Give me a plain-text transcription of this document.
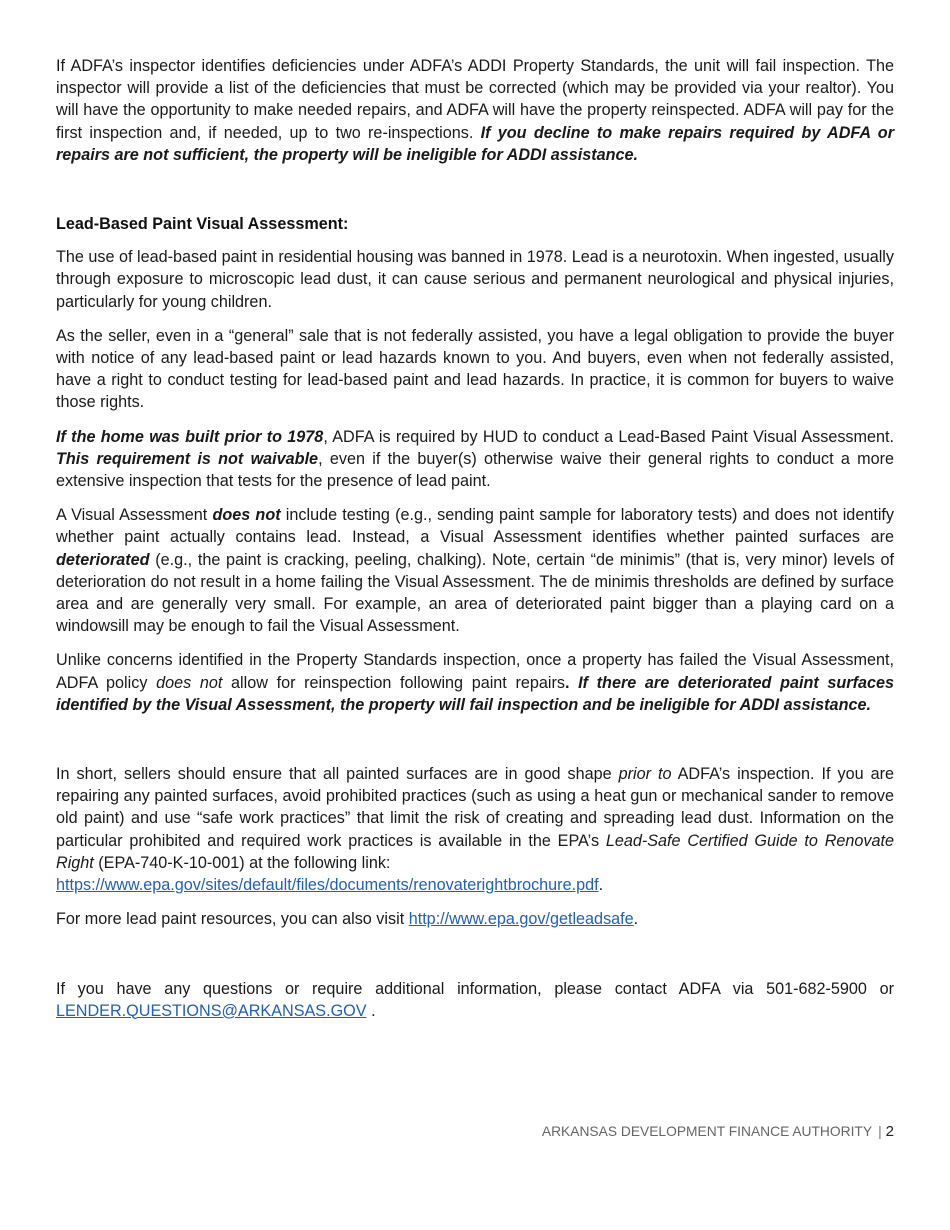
If ADFA’s inspector identifies deficiencies under ADFA’s ADDI Property Standards, the unit will fail inspection. The inspector will provide a list of the deficiencies that must be corrected (which may be provided via your realtor). You will have the opportunity to make needed repairs, and ADFA will have the property reinspected. ADFA will pay for the first inspection and, if needed, up to two re-inspections. If you decline to make repairs required by ADFA or repairs are not sufficient, the property will be ineligible for ADDI assistance.

Lead-Based Paint Visual Assessment:

The use of lead-based paint in residential housing was banned in 1978. Lead is a neurotoxin. When ingested, usually through exposure to microscopic lead dust, it can cause serious and permanent neurological and physical injuries, particularly for young children.

As the seller, even in a “general” sale that is not federally assisted, you have a legal obligation to provide the buyer with notice of any lead-based paint or lead hazards known to you. And buyers, even when not federally assisted, have a right to conduct testing for lead-based paint and lead hazards. In practice, it is common for buyers to waive those rights.

If the home was built prior to 1978, ADFA is required by HUD to conduct a Lead-Based Paint Visual Assessment. This requirement is not waivable, even if the buyer(s) otherwise waive their general rights to conduct a more extensive inspection that tests for the presence of lead paint.

A Visual Assessment does not include testing (e.g., sending paint sample for laboratory tests) and does not identify whether paint actually contains lead. Instead, a Visual Assessment identifies whether painted surfaces are deteriorated (e.g., the paint is cracking, peeling, chalking). Note, certain “de minimis” (that is, very minor) levels of deterioration do not result in a home failing the Visual Assessment. The de minimis thresholds are defined by surface area and are generally very small. For example, an area of deteriorated paint bigger than a playing card on a windowsill may be enough to fail the Visual Assessment.

Unlike concerns identified in the Property Standards inspection, once a property has failed the Visual Assessment, ADFA policy does not allow for reinspection following paint repairs. If there are deteriorated paint surfaces identified by the Visual Assessment, the property will fail inspection and be ineligible for ADDI assistance.

In short, sellers should ensure that all painted surfaces are in good shape prior to ADFA’s inspection. If you are repairing any painted surfaces, avoid prohibited practices (such as using a heat gun or mechanical sander to remove old paint) and use “safe work practices” that limit the risk of creating and spreading lead dust. Information on the particular prohibited and required work practices is available in the EPA’s Lead-Safe Certified Guide to Renovate Right (EPA-740-K-10-001) at the following link:
https://www.epa.gov/sites/default/files/documents/renovaterightbrochure.pdf.

For more lead paint resources, you can also visit http://www.epa.gov/getleadsafe.

If you have any questions or require additional information, please contact ADFA via 501-682-5900 or LENDER.QUESTIONS@ARKANSAS.GOV .

ARKANSAS DEVELOPMENT FINANCE AUTHORITY | 2
